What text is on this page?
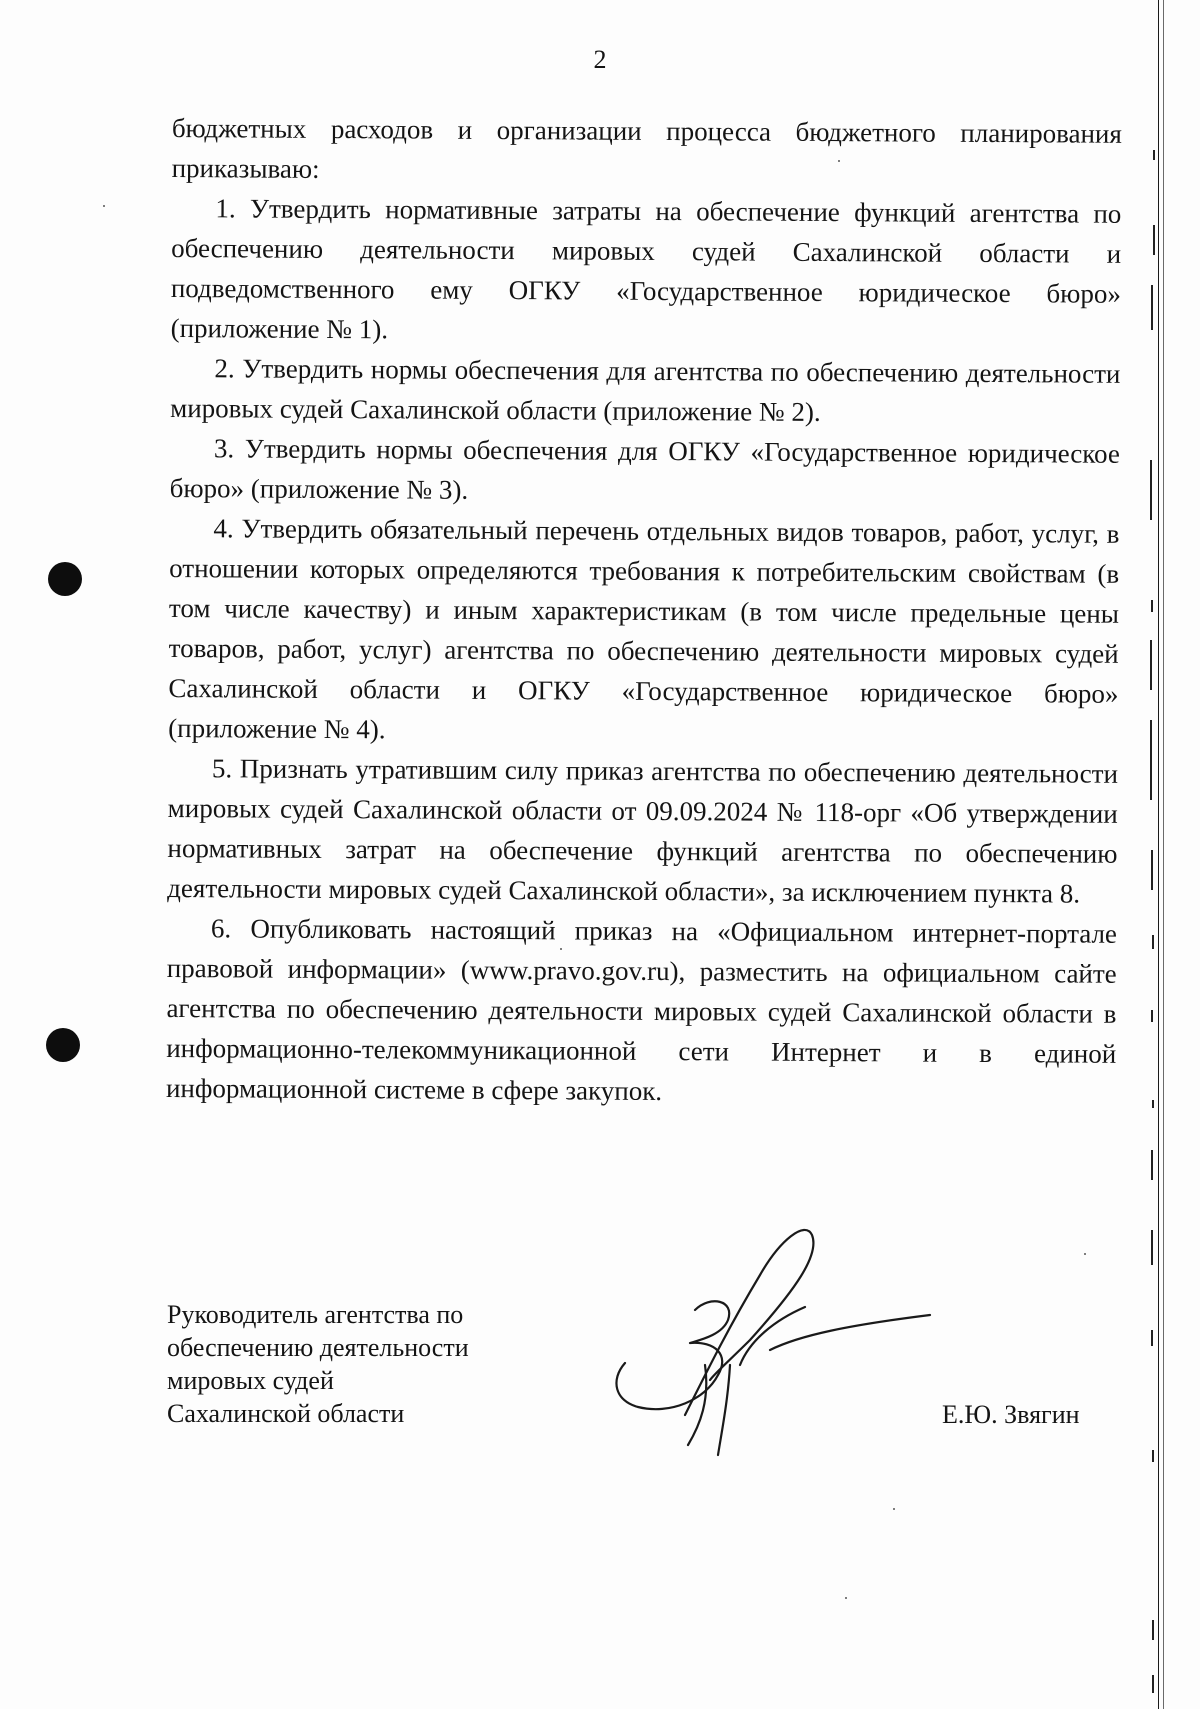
2

бюджетных расходов и организации процесса бюджетного планирования приказываю:

1. Утвердить нормативные затраты на обеспечение функций агентства по обеспечению деятельности мировых судей Сахалинской области и подведомственного ему ОГКУ «Государственное юридическое бюро» (приложение № 1).

2. Утвердить нормы обеспечения для агентства по обеспечению деятельности мировых судей Сахалинской области (приложение № 2).

3. Утвердить нормы обеспечения для ОГКУ «Государственное юридическое бюро» (приложение № 3).

4. Утвердить обязательный перечень отдельных видов товаров, работ, услуг, в отношении которых определяются требования к потребительским свойствам (в том числе качеству) и иным характеристикам (в том числе предельные цены товаров, работ, услуг) агентства по обеспечению деятельности мировых судей Сахалинской области и ОГКУ «Государственное юридическое бюро» (приложение № 4).

5. Признать утратившим силу приказ агентства по обеспечению деятельности мировых судей Сахалинской области от 09.09.2024 № 118-орг «Об утверждении нормативных затрат на обеспечение функций агентства по обеспечению деятельности мировых судей Сахалинской области», за исключением пункта 8.

6. Опубликовать настоящий приказ на «Официальном интернет-портале правовой информации» (www.pravo.gov.ru), разместить на официальном сайте агентства по обеспечению деятельности мировых судей Сахалинской области в информационно-телекоммуникационной сети Интернет и в единой информационной системе в сфере закупок.

Руководитель агентства по
обеспечению деятельности
мировых судей
Сахалинской области	Е.Ю. Звягин
